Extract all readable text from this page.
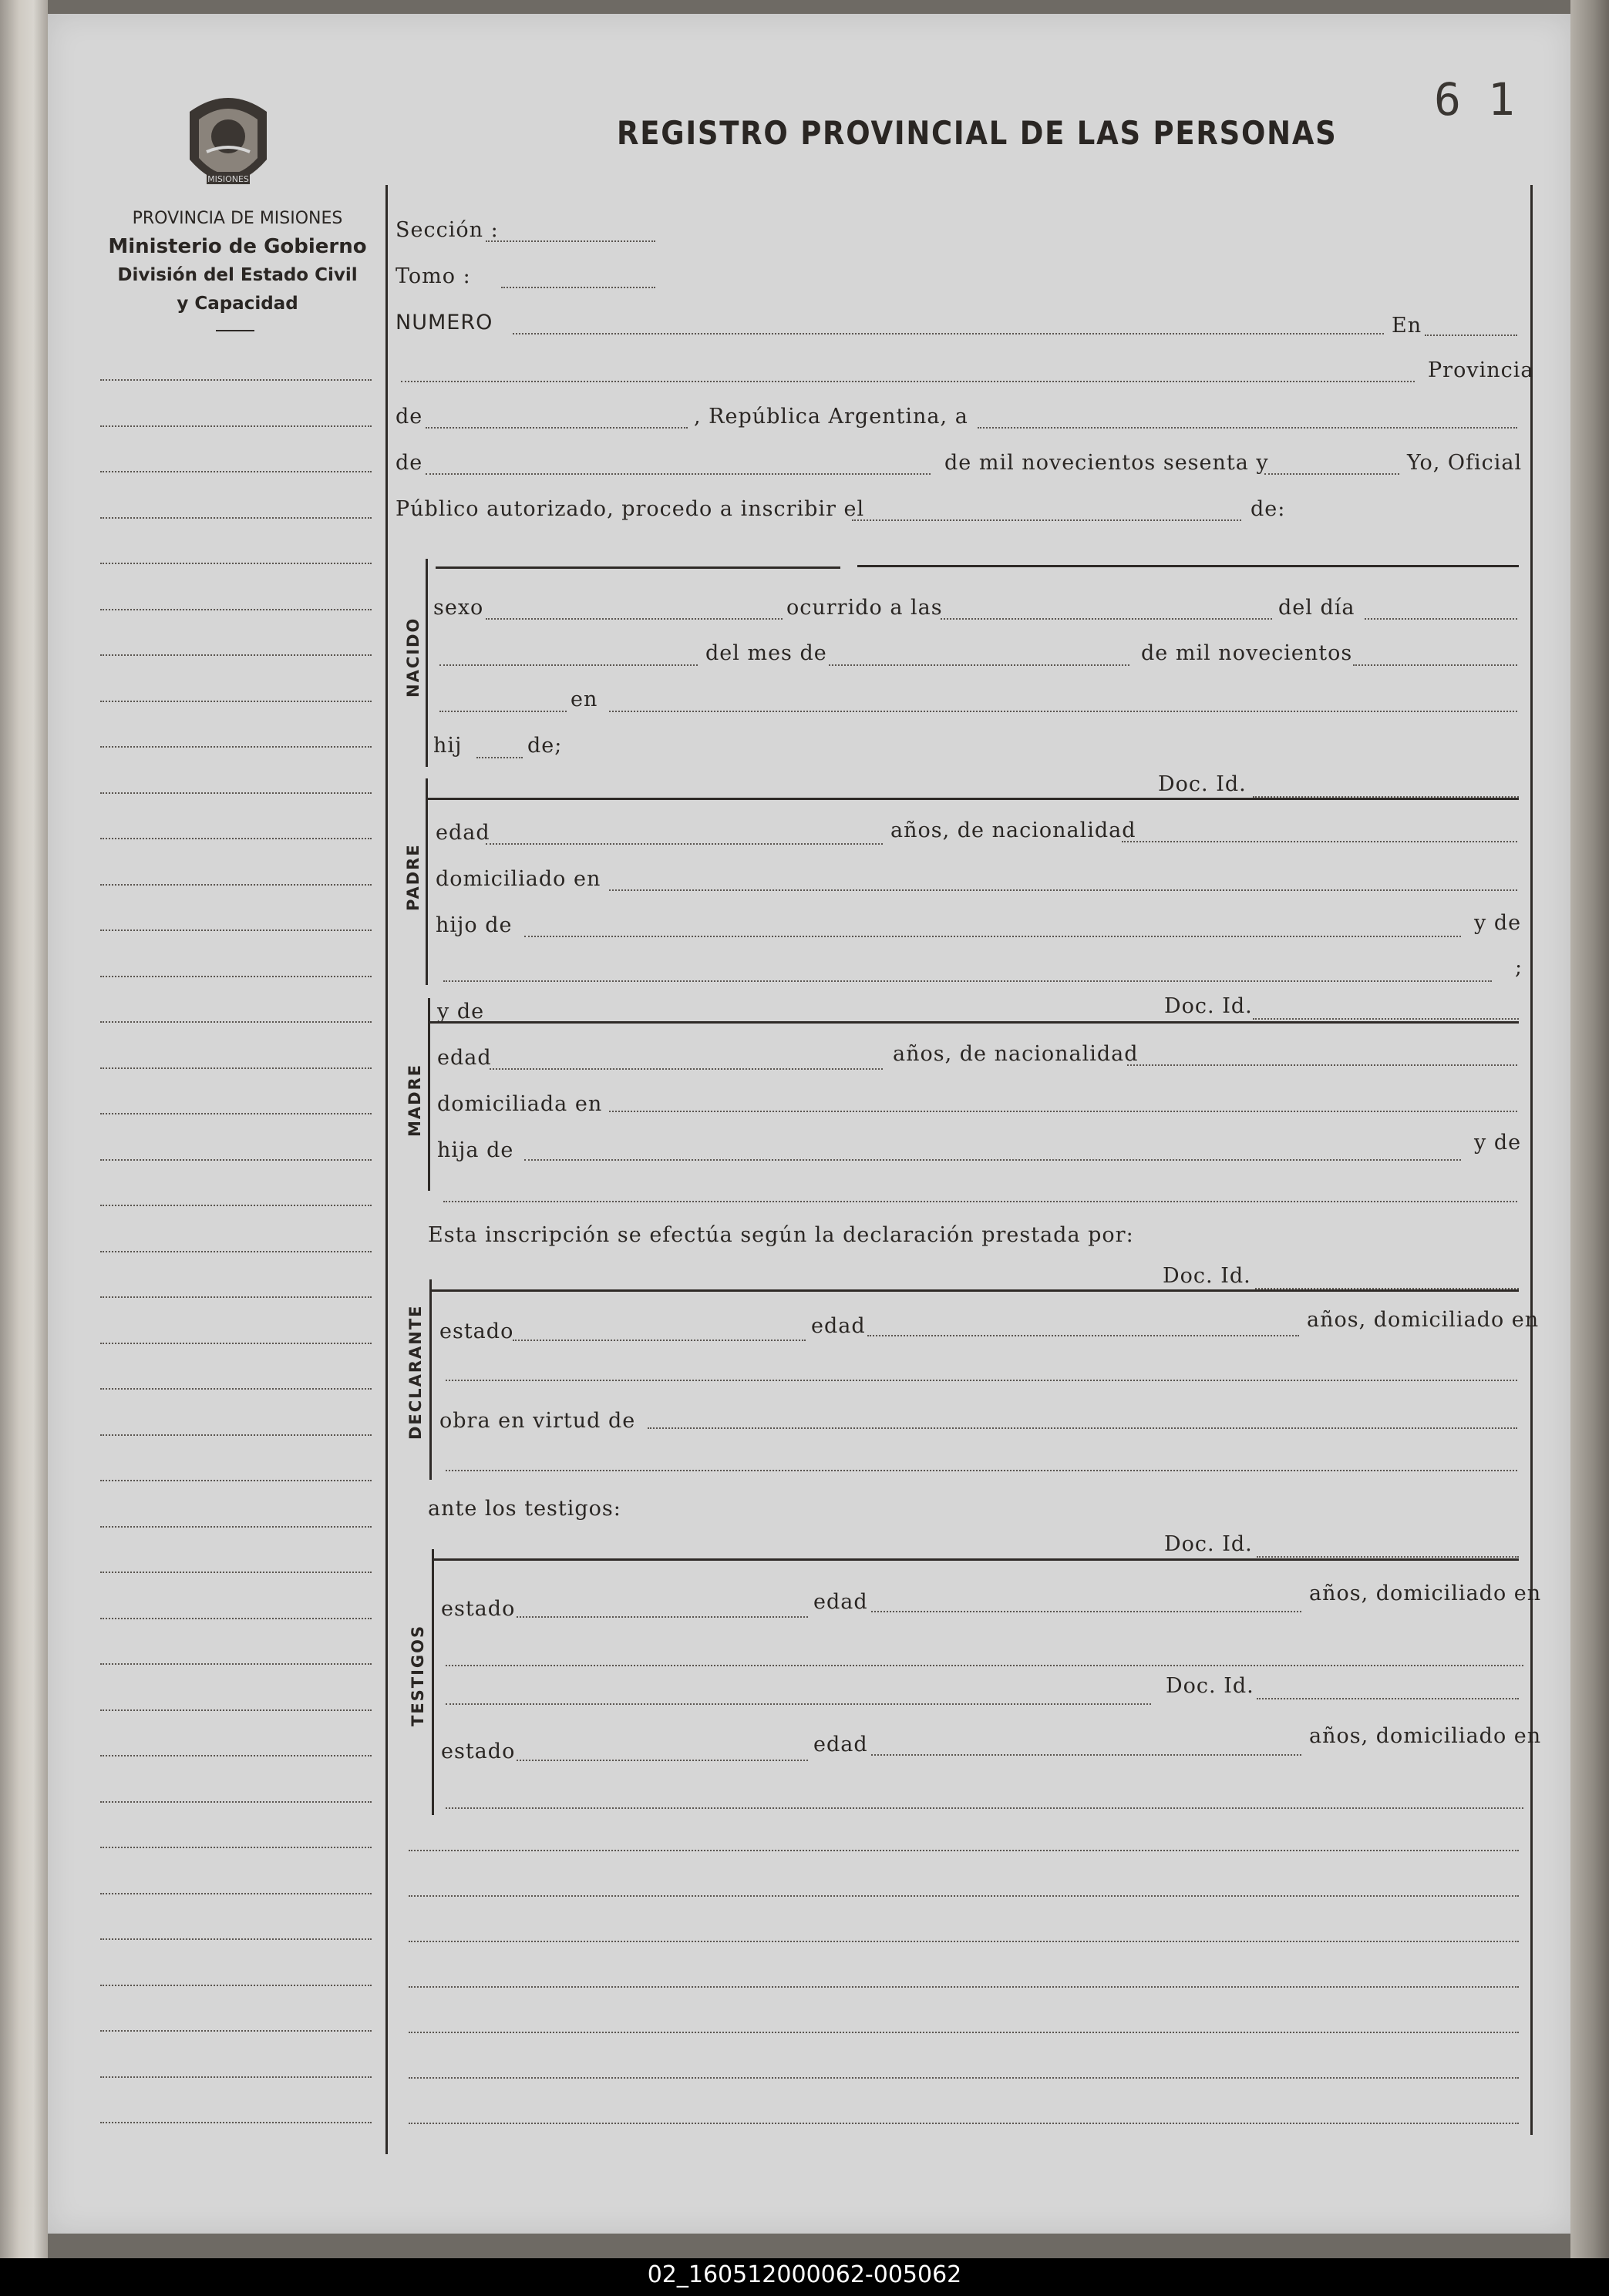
MISIONES
PROVINCIA DE MISIONES
Ministerio de Gobierno
División del Estado Civil
y Capacidad
REGISTRO PROVINCIAL DE LAS PERSONAS
6 1
Sección :
Tomo :
NUMERO	En
Provincia
de	, República Argentina, a
de	de mil novecientos sesenta y	Yo, Oficial
Público autorizado, procedo a inscribir el	de:
NACIDO
sexo	ocurrido a las	del día
del mes de	de mil novecientos
en
hij	de;
PADRE
Doc. Id.
edad	años, de nacionalidad
domiciliado en
hijo de	y de
;
MADRE
y de	Doc. Id.
edad	años, de nacionalidad
domiciliada en
hija de	y de
Esta inscripción se efectúa según la declaración prestada por:
DECLARANTE
Doc. Id.
estado	edad	años, domiciliado en
obra en virtud de
ante los testigos:
TESTIGOS
Doc. Id.
estado	edad	años, domiciliado en
Doc. Id.
estado	edad	años, domiciliado en
02_160512000062-005062
